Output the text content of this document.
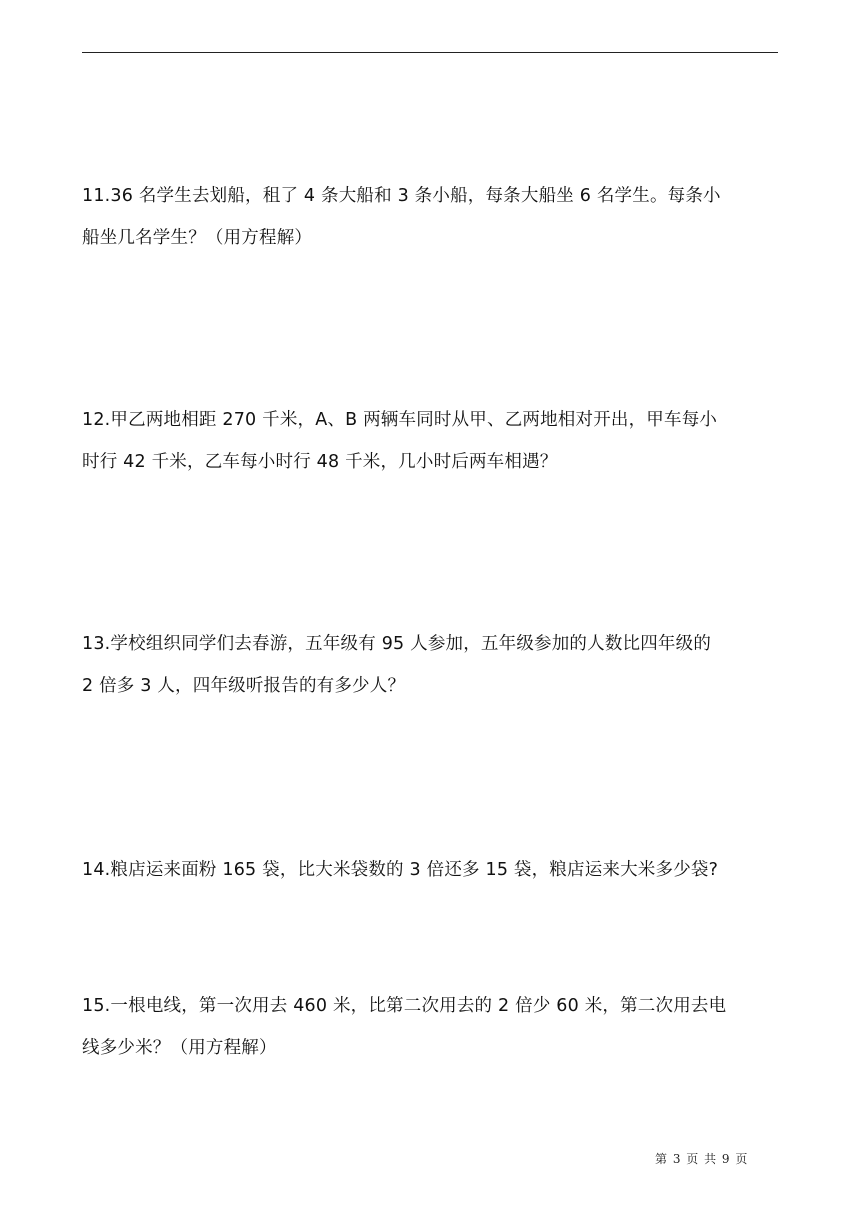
11.36 名学生去划船，租了 4 条大船和 3 条小船，每条大船坐 6 名学生。每条小
船坐几名学生？（用方程解）
12.甲乙两地相距 270 千米，A、B 两辆车同时从甲、乙两地相对开出，甲车每小
时行 42 千米，乙车每小时行 48 千米，几小时后两车相遇？
13.学校组织同学们去春游，五年级有 95 人参加，五年级参加的人数比四年级的
2 倍多 3 人，四年级听报告的有多少人？
14.粮店运来面粉 165 袋，比大米袋数的 3 倍还多 15 袋，粮店运来大米多少袋?
15.一根电线，第一次用去 460 米，比第二次用去的 2 倍少 60 米，第二次用去电
线多少米？（用方程解）
第 3 页 共 9 页
